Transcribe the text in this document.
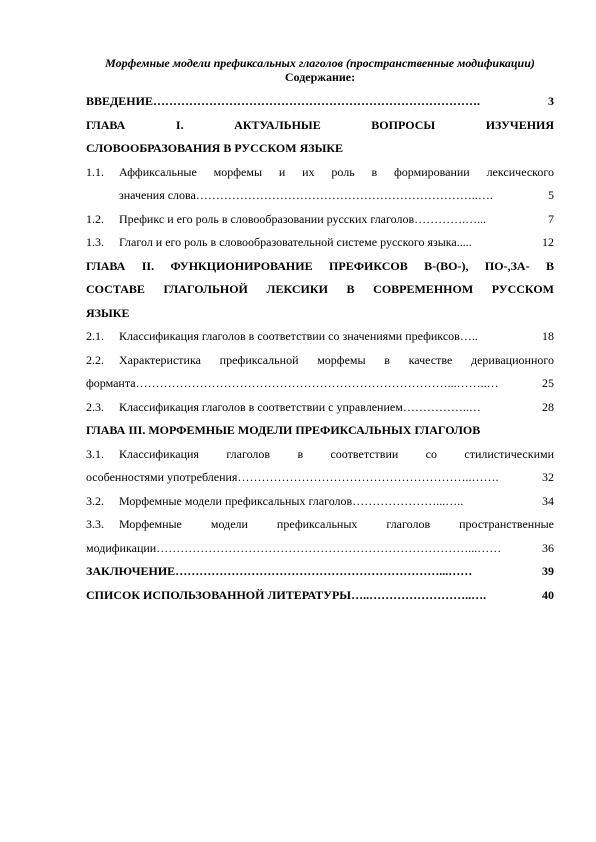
Морфемные модели префиксальных глаголов (пространственные модификации)

Содержание:

ВВЕДЕНИЕ ……………………………………………………………………….	3
ГЛАВА	I.	АКТУАЛЬНЫЕ	ВОПРОСЫ	ИЗУЧЕНИЯ
СЛОВООБРАЗОВАНИЯ В РУССКОМ ЯЗЫКЕ
1.1. Аффиксальные морфемы и их роль в формировании лексического
значения слова ……………………………………………………………..….	5
1.2.	Префикс и его роль в словообразовании русских глаголов ………….…...	7
1.3.	Глагол и его роль в словообразовательной системе русского языка .....	12
ГЛАВА II. ФУНКЦИОНИРОВАНИЕ ПРЕФИКСОВ В-(ВО-), ПО-,ЗА- В
СОСТАВЕ ГЛАГОЛЬНОЙ ЛЕКСИКИ В СОВРЕМЕННОМ РУССКОМ
ЯЗЫКЕ
2.1.	Классификация глаголов в соответствии со значениями префиксов …..	18
2.2. Характеристика префиксальной морфемы в качестве деривационного
форманта ……………………………………………………………………...……..…	25
2.3.	Классификация глаголов в соответствии с управлением ……………..…	28
ГЛАВА III. МОРФЕМНЫЕ МОДЕЛИ ПРЕФИКСАЛЬНЫХ ГЛАГОЛОВ
3.1. Классификация глаголов в соответствии со стилистическими
особенностями употребления …………………………………………………..…….	32
3.2.	Морфемные модели префиксальных глаголов …………………...…..	34
3.3. Морфемные модели префиксальных глаголов пространственные
модификации ……………………………………………………………………...……	36
ЗАКЛЮЧЕНИЕ …………………………………………………………...……	39
СПИСОК ИСПОЛЬЗОВАННОЙ ЛИТЕРАТУРЫ …..……………………..….	40
